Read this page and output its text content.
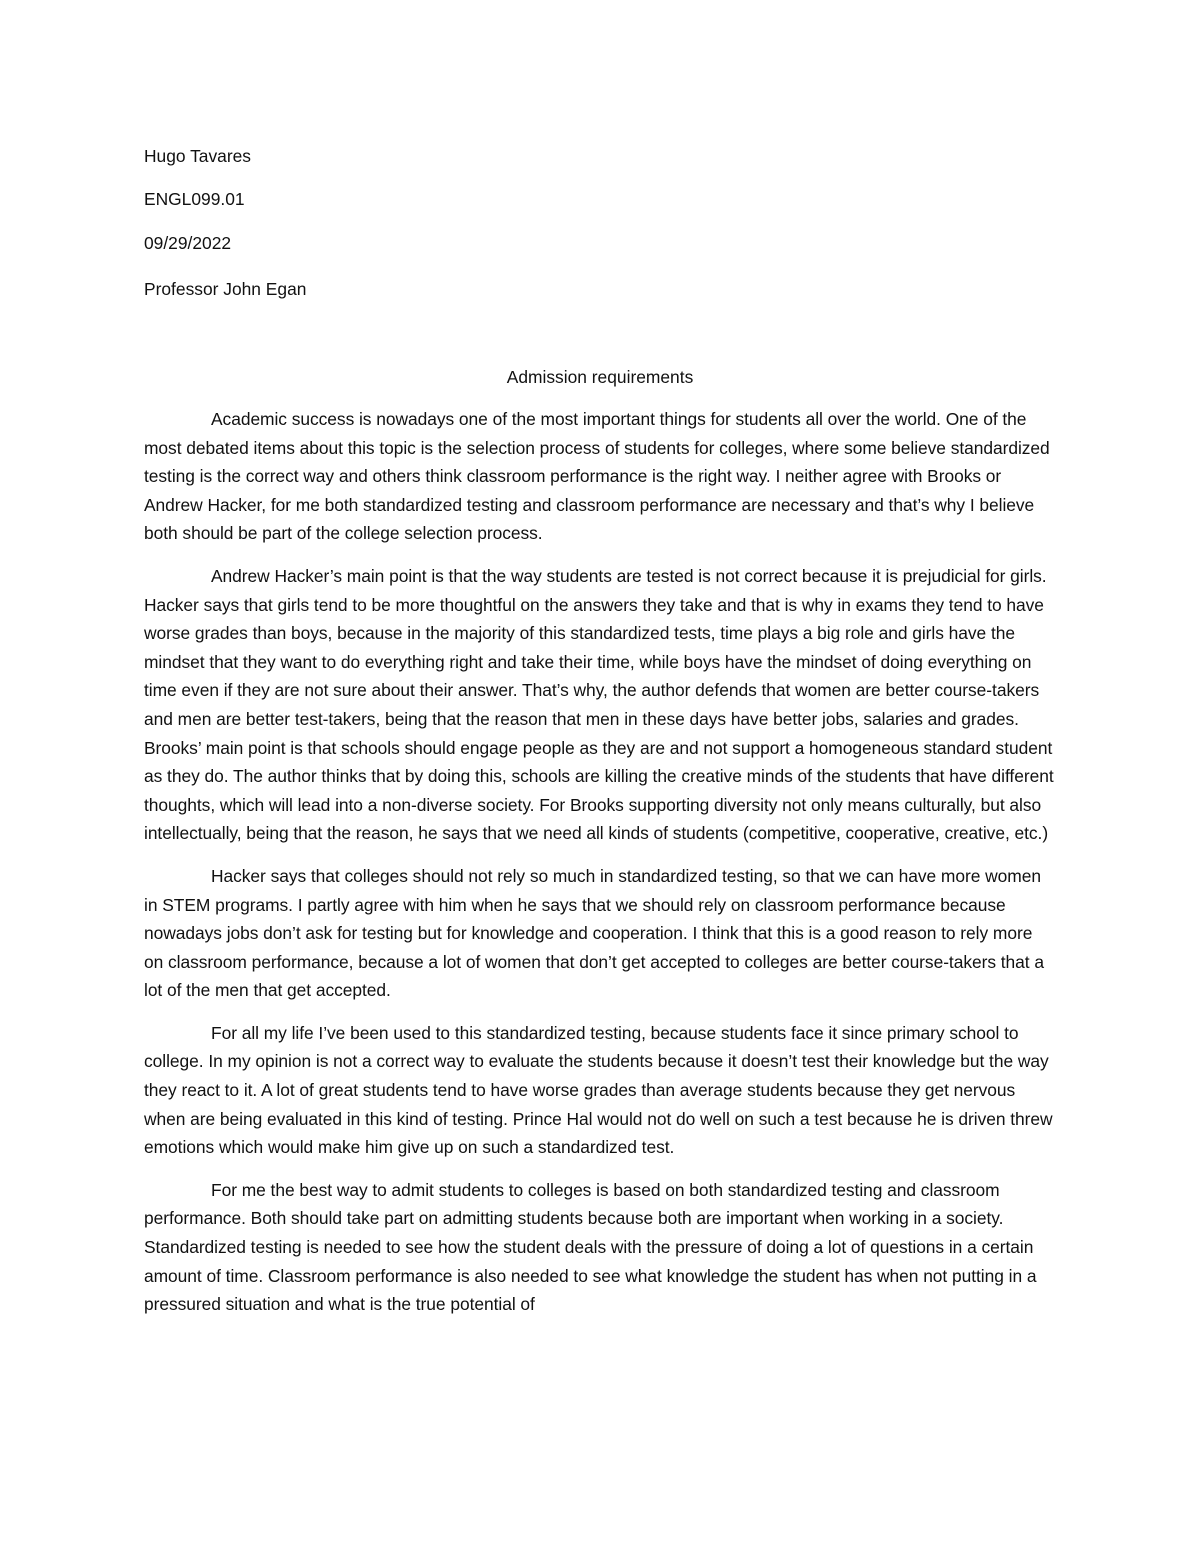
Hugo Tavares
ENGL099.01
09/29/2022
Professor John Egan
Admission requirements

Academic success is nowadays one of the most important things for students all over the world. One of the most debated items about this topic is the selection process of students for colleges, where some believe standardized testing is the correct way and others think classroom performance is the right way. I neither agree with Brooks or Andrew Hacker, for me both standardized testing and classroom performance are necessary and that’s why I believe both should be part of the college selection process.

Andrew Hacker’s main point is that the way students are tested is not correct because it is prejudicial for girls. Hacker says that girls tend to be more thoughtful on the answers they take and that is why in exams they tend to have worse grades than boys, because in the majority of this standardized tests, time plays a big role and girls have the mindset that they want to do everything right and take their time, while boys have the mindset of doing everything on time even if they are not sure about their answer. That’s why, the author defends that women are better course-takers and men are better test-takers, being that the reason that men in these days have better jobs, salaries and grades. Brooks’ main point is that schools should engage people as they are and not support a homogeneous standard student as they do. The author thinks that by doing this, schools are killing the creative minds of the students that have different thoughts, which will lead into a non-diverse society. For Brooks supporting diversity not only means culturally, but also intellectually, being that the reason, he says that we need all kinds of students (competitive, cooperative, creative, etc.)

Hacker says that colleges should not rely so much in standardized testing, so that we can have more women in STEM programs. I partly agree with him when he says that we should rely on classroom performance because nowadays jobs don’t ask for testing but for knowledge and cooperation. I think that this is a good reason to rely more on classroom performance, because a lot of women that don’t get accepted to colleges are better course-takers that a lot of the men that get accepted.

For all my life I’ve been used to this standardized testing, because students face it since primary school to college. In my opinion is not a correct way to evaluate the students because it doesn’t test their knowledge but the way they react to it. A lot of great students tend to have worse grades than average students because they get nervous when are being evaluated in this kind of testing. Prince Hal would not do well on such a test because he is driven threw emotions which would make him give up on such a standardized test.

For me the best way to admit students to colleges is based on both standardized testing and classroom performance. Both should take part on admitting students because both are important when working in a society. Standardized testing is needed to see how the student deals with the pressure of doing a lot of questions in a certain amount of time. Classroom performance is also needed to see what knowledge the student has when not putting in a pressured situation and what is the true potential of
